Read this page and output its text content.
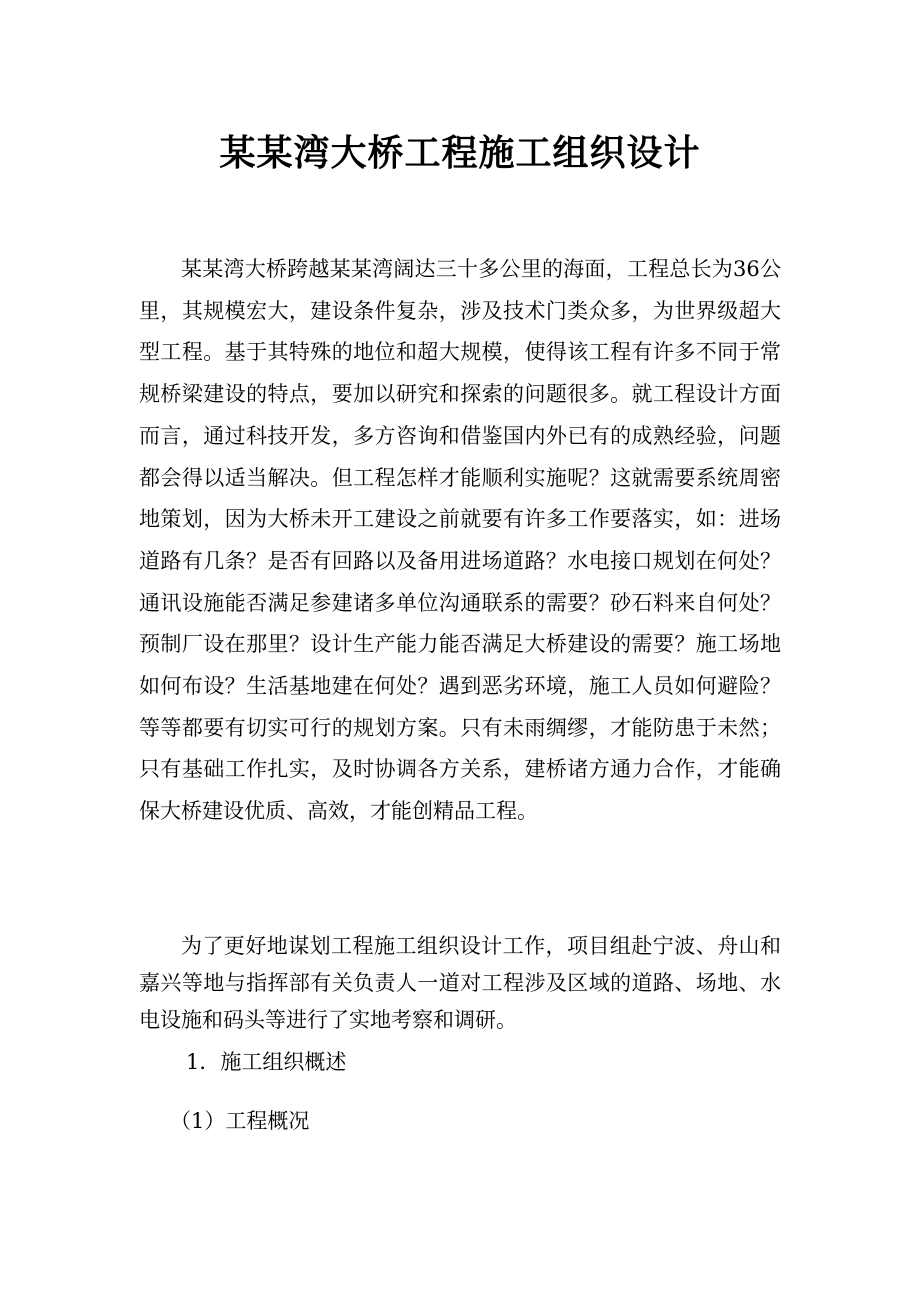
某某湾大桥工程施工组织设计

某某湾大桥跨越某某湾阔达三十多公里的海面，工程总长为36公里，其规模宏大，建设条件复杂，涉及技术门类众多，为世界级超大型工程。基于其特殊的地位和超大规模，使得该工程有许多不同于常规桥梁建设的特点，要加以研究和探索的问题很多。就工程设计方面而言，通过科技开发，多方咨询和借鉴国内外已有的成熟经验，问题都会得以适当解决。但工程怎样才能顺利实施呢？这就需要系统周密地策划，因为大桥未开工建设之前就要有许多工作要落实，如：进场道路有几条？是否有回路以及备用进场道路？水电接口规划在何处？通讯设施能否满足参建诸多单位沟通联系的需要？砂石料来自何处？预制厂设在那里？设计生产能力能否满足大桥建设的需要？施工场地如何布设？生活基地建在何处？遇到恶劣环境，施工人员如何避险？等等都要有切实可行的规划方案。只有未雨绸缪，才能防患于未然；只有基础工作扎实，及时协调各方关系，建桥诸方通力合作，才能确保大桥建设优质、高效，才能创精品工程。

为了更好地谋划工程施工组织设计工作，项目组赴宁波、舟山和嘉兴等地与指挥部有关负责人一道对工程涉及区域的道路、场地、水电设施和码头等进行了实地考察和调研。

1．施工组织概述

（1）工程概况
